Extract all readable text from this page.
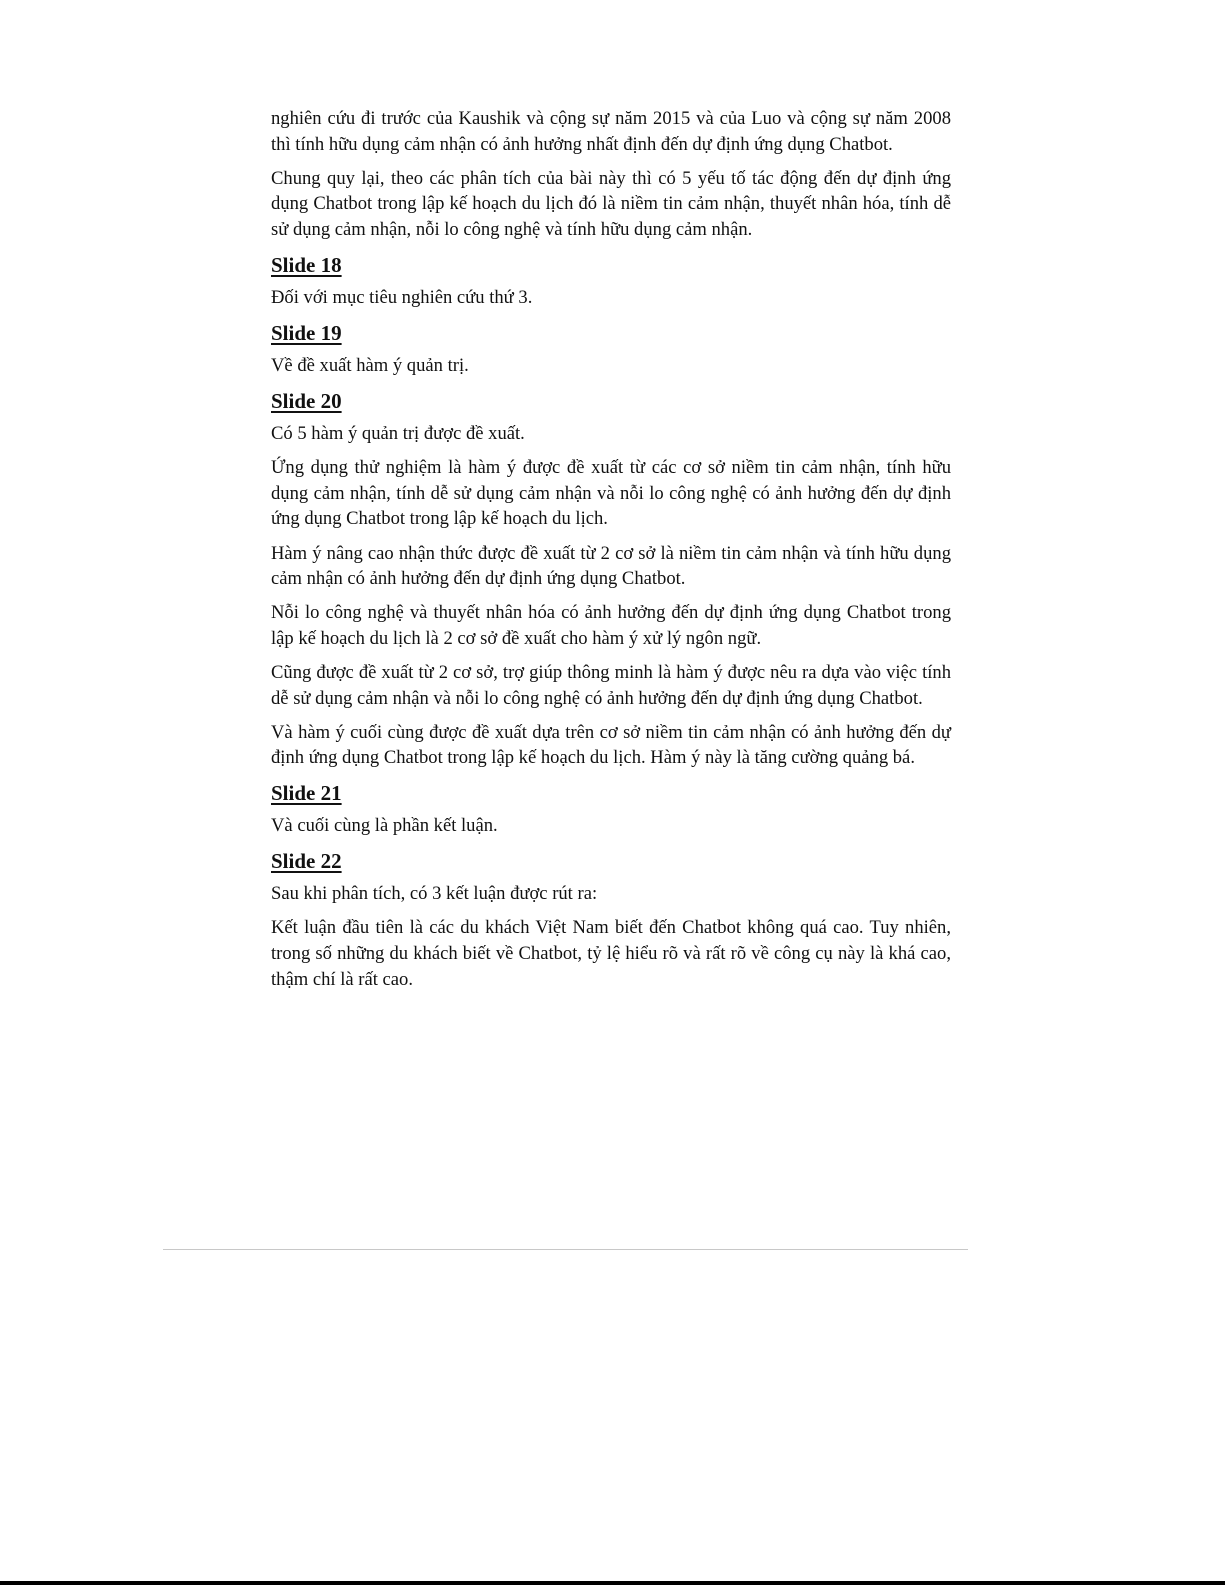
nghiên cứu đi trước của Kaushik và cộng sự năm 2015 và của Luo và cộng sự năm 2008 thì tính hữu dụng cảm nhận có ảnh hưởng nhất định đến dự định ứng dụng Chatbot.

Chung quy lại, theo các phân tích của bài này thì có 5 yếu tố tác động đến dự định ứng dụng Chatbot trong lập kế hoạch du lịch đó là niềm tin cảm nhận, thuyết nhân hóa, tính dễ sử dụng cảm nhận, nỗi lo công nghệ và tính hữu dụng cảm nhận.

Slide 18

Đối với mục tiêu nghiên cứu thứ 3.

Slide 19

Về đề xuất hàm ý quản trị.

Slide 20

Có 5 hàm ý quản trị được đề xuất.

Ứng dụng thử nghiệm là hàm ý được đề xuất từ các cơ sở niềm tin cảm nhận, tính hữu dụng cảm nhận, tính dễ sử dụng cảm nhận và nỗi lo công nghệ có ảnh hưởng đến dự định ứng dụng Chatbot trong lập kế hoạch du lịch.

Hàm ý nâng cao nhận thức được đề xuất từ 2 cơ sở là niềm tin cảm nhận và tính hữu dụng cảm nhận có ảnh hưởng đến dự định ứng dụng Chatbot.

Nỗi lo công nghệ và thuyết nhân hóa có ảnh hưởng đến dự định ứng dụng Chatbot trong lập kế hoạch du lịch là 2 cơ sở đề xuất cho hàm ý xử lý ngôn ngữ.

Cũng được đề xuất từ 2 cơ sở, trợ giúp thông minh là hàm ý được nêu ra dựa vào việc tính dễ sử dụng cảm nhận và nỗi lo công nghệ có ảnh hưởng đến dự định ứng dụng Chatbot.

Và hàm ý cuối cùng được đề xuất dựa trên cơ sở niềm tin cảm nhận có ảnh hưởng đến dự định ứng dụng Chatbot trong lập kế hoạch du lịch. Hàm ý này là tăng cường quảng bá.

Slide 21

Và cuối cùng là phần kết luận.

Slide 22

Sau khi phân tích, có 3 kết luận được rút ra:

Kết luận đầu tiên là các du khách Việt Nam biết đến Chatbot không quá cao. Tuy nhiên, trong số những du khách biết về Chatbot, tỷ lệ hiểu rõ và rất rõ về công cụ này là khá cao, thậm chí là rất cao.
